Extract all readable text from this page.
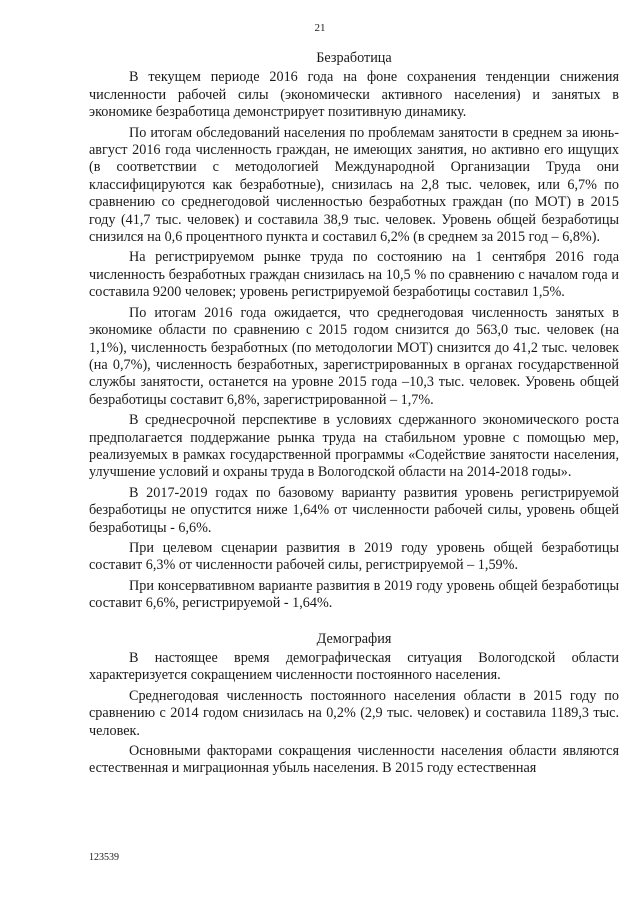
21
Безработица

В текущем периоде 2016 года на фоне сохранения тенденции снижения численности рабочей силы (экономически активного населения) и занятых в экономике безработица демонстрирует позитивную динамику.

По итогам обследований населения по проблемам занятости в среднем за июнь-август 2016 года численность граждан, не имеющих занятия, но активно его ищущих (в соответствии с методологией Международной Организации Труда они классифицируются как безработные), снизилась на 2,8 тыс. человек, или 6,7% по сравнению со среднегодовой численностью безработных граждан (по МОТ) в 2015 году (41,7 тыс. человек) и составила 38,9 тыс. человек. Уровень общей безработицы снизился на 0,6 процентного пункта и составил 6,2% (в среднем за 2015 год – 6,8%).

На регистрируемом рынке труда по состоянию на 1 сентября 2016 года численность безработных граждан снизилась на 10,5 % по сравнению с началом года и составила 9200 человек; уровень регистрируемой безработицы составил 1,5%.

По итогам 2016 года ожидается, что среднегодовая численность занятых в экономике области по сравнению с 2015 годом снизится до 563,0 тыс. человек (на 1,1%), численность безработных (по методологии МОТ) снизится до 41,2 тыс. человек (на 0,7%), численность безработных, зарегистрированных в органах государственной службы занятости, останется на уровне 2015 года –10,3 тыс. человек. Уровень общей безработицы составит 6,8%, зарегистрированной – 1,7%.

В среднесрочной перспективе в условиях сдержанного экономического роста предполагается поддержание рынка труда на стабильном уровне с помощью мер, реализуемых в рамках государственной программы «Содействие занятости населения, улучшение условий и охраны труда в Вологодской области на 2014-2018 годы».

В 2017-2019 годах по базовому варианту развития уровень регистрируемой безработицы не опустится ниже 1,64% от численности рабочей силы, уровень общей безработицы - 6,6%.

При целевом сценарии развития в 2019 году уровень общей безработицы составит 6,3% от численности рабочей силы, регистрируемой – 1,59%.

При консервативном варианте развития в 2019 году уровень общей безработицы составит 6,6%, регистрируемой - 1,64%.

Демография

В настоящее время демографическая ситуация Вологодской области характеризуется сокращением численности постоянного населения.

Среднегодовая численность постоянного населения области в 2015 году по сравнению с 2014 годом снизилась на 0,2% (2,9 тыс. человек) и составила 1189,3 тыс. человек.

Основными факторами сокращения численности населения области являются естественная и миграционная убыль населения. В 2015 году естественная

123539
